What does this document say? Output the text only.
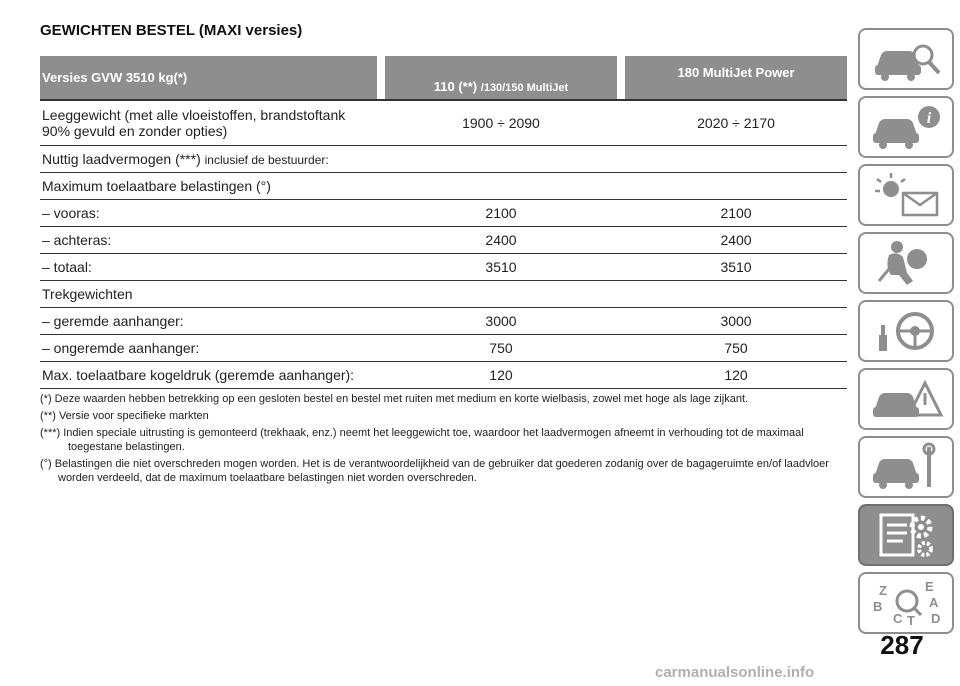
GEWICHTEN BESTEL (MAXI versies)
Versies GVW 3510 kg(*)		110 (**) /130/150 MultiJet		180 MultiJet Power
Leeggewicht (met alle vloeistoffen, brandstoftank 90% gevuld en zonder opties)		1900 ÷ 2090		2020 ÷ 2170
Nuttig laadvermogen (***) inclusief de bestuurder:				
Maximum toelaatbare belastingen (°)				
– vooras:		2100		2100
– achteras:		2400		2400
– totaal:		3510		3510
Trekgewichten				
– geremde aanhanger:		3000		3000
– ongeremde aanhanger:		750		750
Max. toelaatbare kogeldruk (geremde aanhanger):		120		120

(*) Deze waarden hebben betrekking op een gesloten bestel en bestel met ruiten met medium en korte wielbasis, zowel met hoge als lage zijkant.

(**) Versie voor specifieke markten

(***) Indien speciale uitrusting is gemonteerd (trekhaak, enz.) neemt het leeggewicht toe, waardoor het laadvermogen afneemt in verhouding tot de maximaal toegestane belastingen.

(°) Belastingen die niet overschreden mogen worden. Het is de verantwoordelijkheid van de gebruiker dat goederen zodanig over de bagageruimte en/of laadvloer worden verdeeld, dat de maximum toelaatbare belastingen niet worden overschreden.

i
Z	E
A
B
C T D
287
carmanualsonline.info
